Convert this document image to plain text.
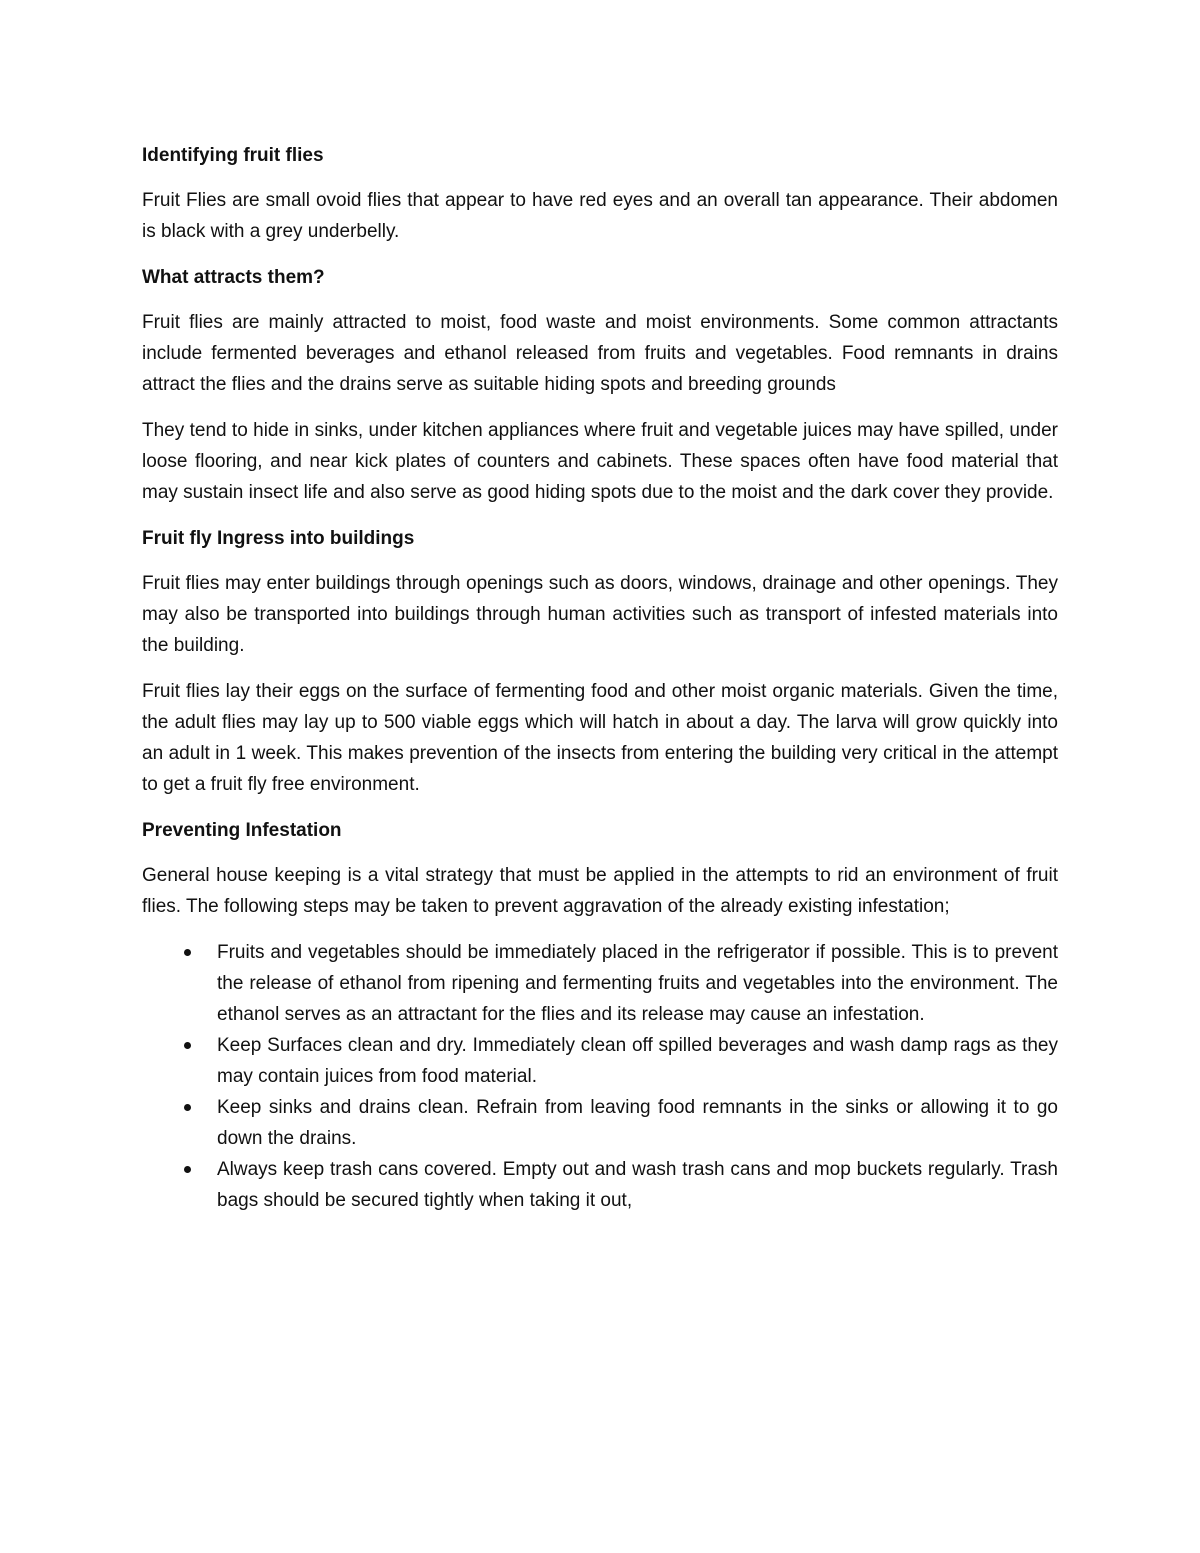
Identifying fruit flies

Fruit Flies are small ovoid flies that appear to have red eyes and an overall tan appearance. Their abdomen is black with a grey underbelly.

What attracts them?

Fruit flies are mainly attracted to moist, food waste and moist environments. Some common attractants include fermented beverages and ethanol released from fruits and vegetables. Food remnants in drains attract the flies and the drains serve as suitable hiding spots and breeding grounds

They tend to hide in sinks, under kitchen appliances where fruit and vegetable juices may have spilled, under loose flooring, and near kick plates of counters and cabinets. These spaces often have food material that may sustain insect life and also serve as good hiding spots due to the moist and the dark cover they provide.

Fruit fly Ingress into buildings

Fruit flies may enter buildings through openings such as doors, windows, drainage and other openings. They may also be transported into buildings through human activities such as transport of infested materials into the building.

Fruit flies lay their eggs on the surface of fermenting food and other moist organic materials. Given the time, the adult flies may lay up to 500 viable eggs which will hatch in about a day. The larva will grow quickly into an adult in 1 week. This makes prevention of the insects from entering the building very critical in the attempt to get a fruit fly free environment.

Preventing Infestation

General house keeping is a vital strategy that must be applied in the attempts to rid an environment of fruit flies. The following steps may be taken to prevent aggravation of the already existing infestation;

Fruits and vegetables should be immediately placed in the refrigerator if possible. This is to prevent the release of ethanol from ripening and fermenting fruits and vegetables into the environment. The ethanol serves as an attractant for the flies and its release may cause an infestation.
Keep Surfaces clean and dry. Immediately clean off spilled beverages and wash damp rags as they may contain juices from food material.
Keep sinks and drains clean. Refrain from leaving food remnants in the sinks or allowing it to go down the drains.
Always keep trash cans covered. Empty out and wash trash cans and mop buckets regularly. Trash bags should be secured tightly when taking it out,
